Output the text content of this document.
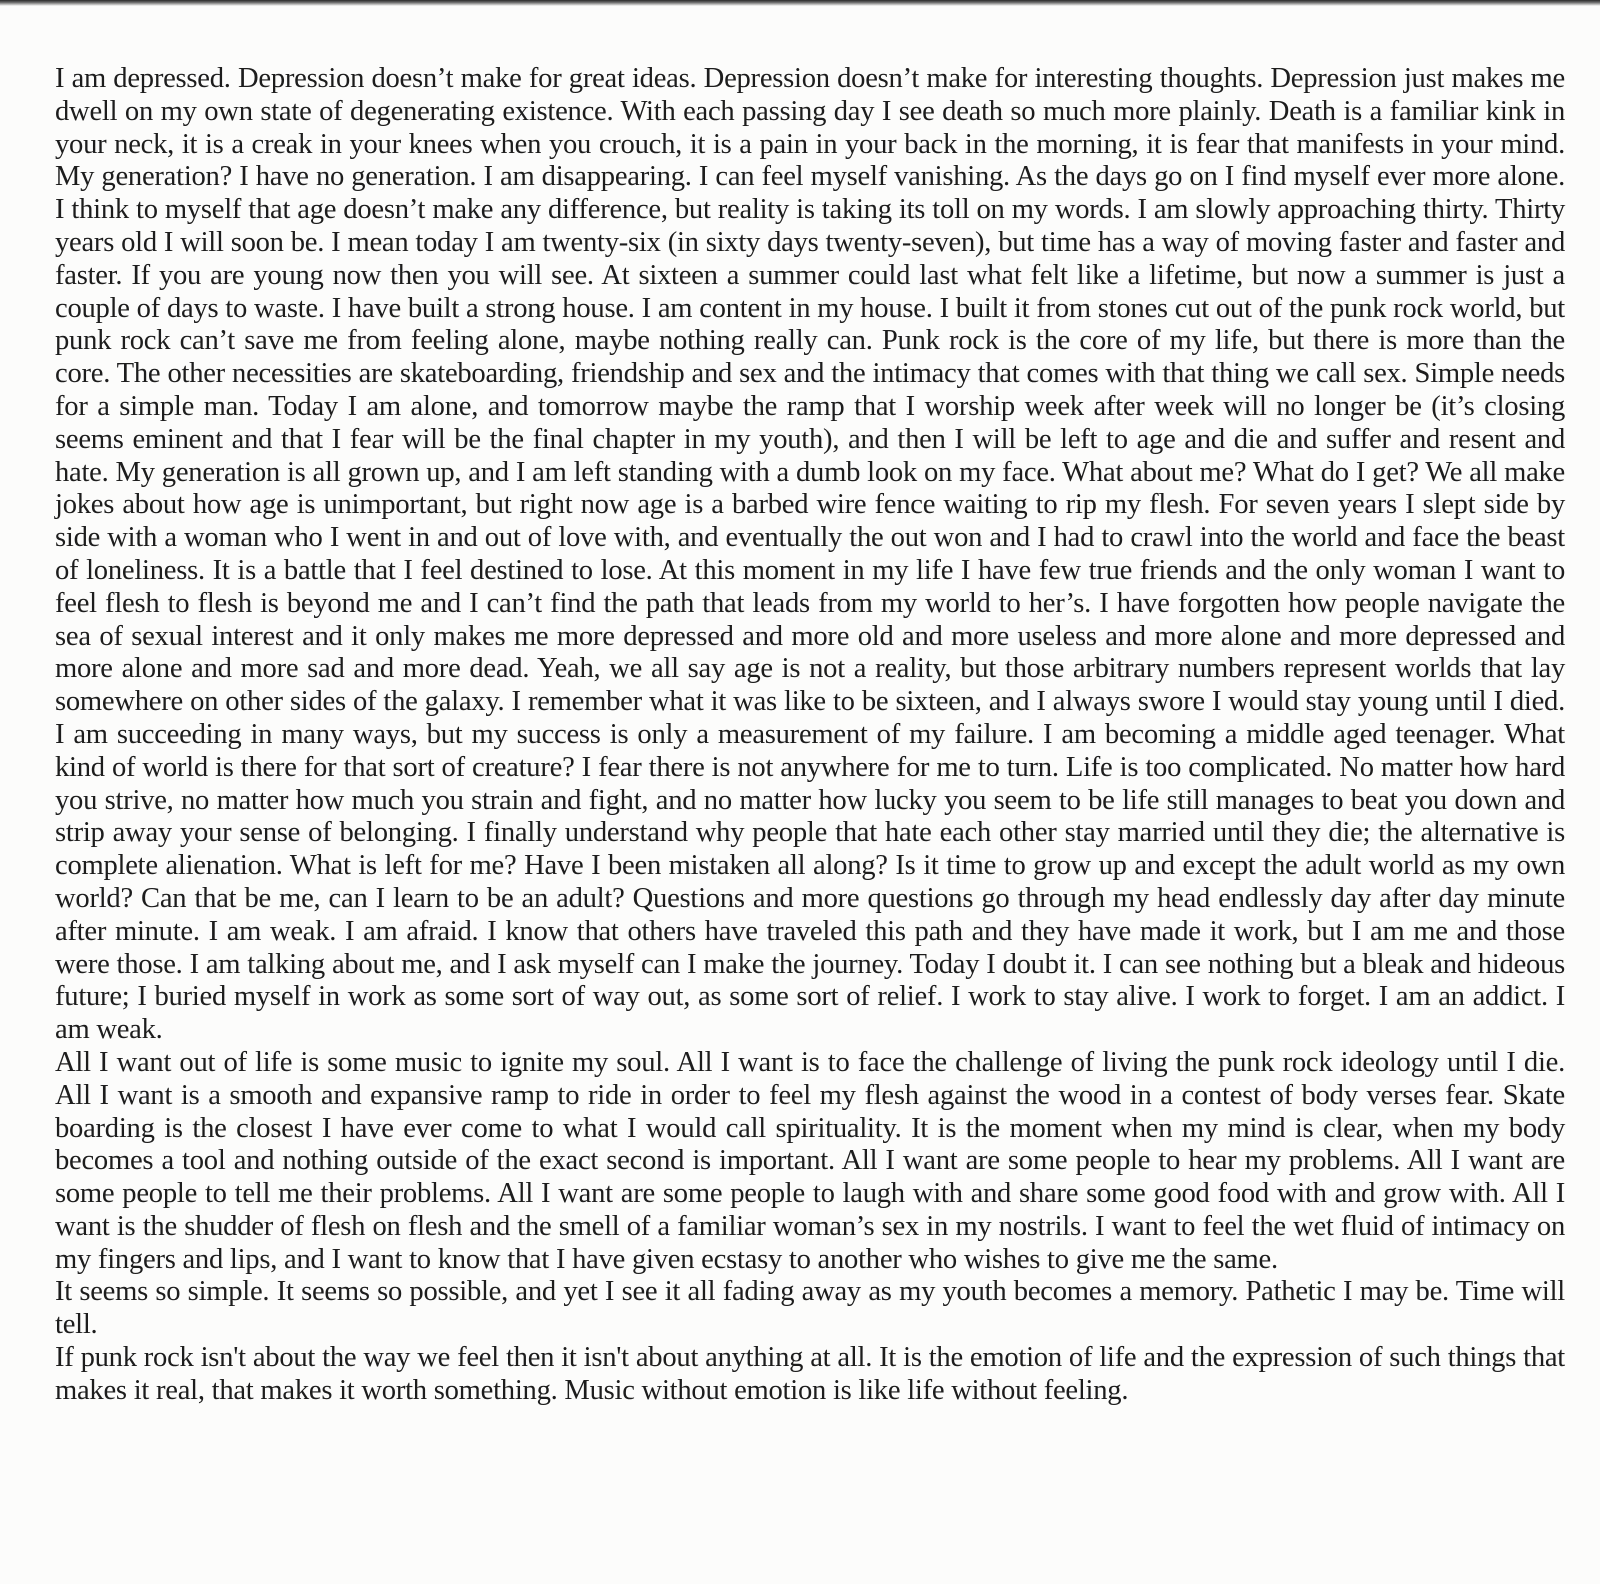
I am depressed. Depression doesn’t make for great ideas. Depression doesn’t make for interesting thoughts. Depression just makes me dwell on my own state of degenerating existence. With each passing day I see death so much more plainly. Death is a familiar kink in your neck, it is a creak in your knees when you crouch, it is a pain in your back in the morning, it is fear that manifests in your mind. My generation? I have no generation. I am disappearing. I can feel myself vanishing. As the days go on I find myself ever more alone. I think to myself that age doesn’t make any difference, but reality is taking its toll on my words. I am slowly approaching thirty. Thirty years old I will soon be. I mean today I am twenty-six (in sixty days twenty-seven), but time has a way of moving faster and faster and faster. If you are young now then you will see. At sixteen a summer could last what felt like a lifetime, but now a summer is just a couple of days to waste. I have built a strong house. I am content in my house. I built it from stones cut out of the punk rock world, but punk rock can’t save me from feeling alone, maybe nothing really can. Punk rock is the core of my life, but there is more than the core. The other necessities are skateboarding, friendship and sex and the intimacy that comes with that thing we call sex. Simple needs for a simple man. Today I am alone, and tomorrow maybe the ramp that I worship week after week will no longer be (it’s closing seems eminent and that I fear will be the final chapter in my youth), and then I will be left to age and die and suffer and resent and hate. My generation is all grown up, and I am left standing with a dumb look on my face. What about me? What do I get? We all make jokes about how age is unimportant, but right now age is a barbed wire fence waiting to rip my flesh. For seven years I slept side by side with a woman who I went in and out of love with, and eventually the out won and I had to crawl into the world and face the beast of loneliness. It is a battle that I feel destined to lose. At this moment in my life I have few true friends and the only woman I want to feel flesh to flesh is beyond me and I can’t find the path that leads from my world to her’s. I have forgotten how people navigate the sea of sexual interest and it only makes me more depressed and more old and more useless and more alone and more depressed and more alone and more sad and more dead. Yeah, we all say age is not a reality, but those arbitrary numbers represent worlds that lay somewhere on other sides of the galaxy. I remember what it was like to be sixteen, and I always swore I would stay young until I died. I am succeeding in many ways, but my success is only a measurement of my failure. I am becoming a middle aged teenager. What kind of world is there for that sort of creature? I fear there is not anywhere for me to turn. Life is too complicated. No matter how hard you strive, no matter how much you strain and fight, and no matter how lucky you seem to be life still manages to beat you down and strip away your sense of belonging. I finally understand why people that hate each other stay married until they die; the alternative is complete alienation. What is left for me? Have I been mistaken all along? Is it time to grow up and except the adult world as my own world? Can that be me, can I learn to be an adult? Questions and more questions go through my head endlessly day after day minute after minute. I am weak. I am afraid. I know that others have traveled this path and they have made it work, but I am me and those were those. I am talking about me, and I ask myself can I make the journey. Today I doubt it. I can see nothing but a bleak and hideous future; I buried myself in work as some sort of way out, as some sort of relief. I work to stay alive. I work to forget. I am an addict. I am weak.

All I want out of life is some music to ignite my soul. All I want is to face the challenge of living the punk rock ideology until I die. All I want is a smooth and expansive ramp to ride in order to feel my flesh against the wood in a contest of body verses fear. Skate boarding is the closest I have ever come to what I would call spirituality. It is the moment when my mind is clear, when my body becomes a tool and nothing outside of the exact second is important. All I want are some people to hear my problems. All I want are some people to tell me their problems. All I want are some people to laugh with and share some good food with and grow with. All I want is the shudder of flesh on flesh and the smell of a familiar woman’s sex in my nostrils. I want to feel the wet fluid of intimacy on my fingers and lips, and I want to know that I have given ecstasy to another who wishes to give me the same.

It seems so simple. It seems so possible, and yet I see it all fading away as my youth becomes a memory. Pathetic I may be. Time will tell.

If punk rock isn't about the way we feel then it isn't about anything at all. It is the emotion of life and the expression of such things that makes it real, that makes it worth something. Music without emotion is like life without feeling.
